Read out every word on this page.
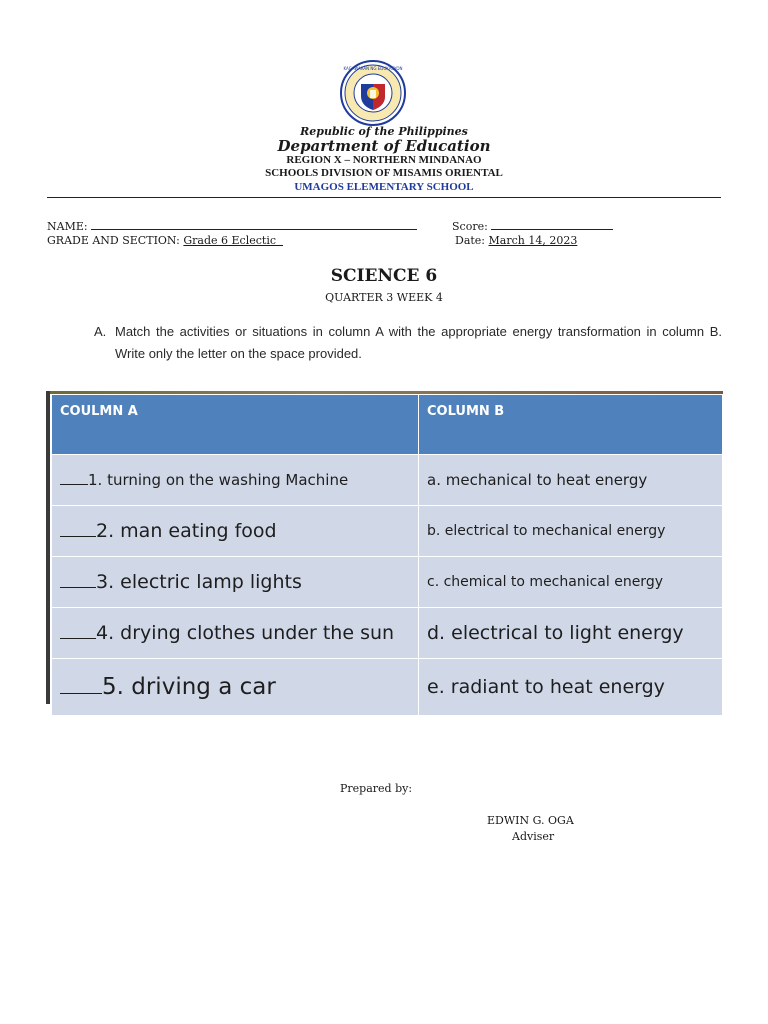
KAGAWARAN NG EDUKASYON
Republic of the Philippines
Department of Education
REGION X – NORTHERN MINDANAO
SCHOOLS DIVISION OF MISAMIS ORIENTAL
UMAGOS ELEMENTARY SCHOOL
NAME:	Score:
GRADE AND SECTION: Grade 6 Eclectic	Date: March 14, 2023
SCIENCE 6
QUARTER 3 WEEK 4
A. Match the activities or situations in column A with the appropriate energy transformation in column B. Write only the letter on the space provided.
COULMN A	COLUMN B
1. turning on the washing Machine	a. mechanical to heat energy
2. man eating food	b. electrical to mechanical energy
3. electric lamp lights	c. chemical to mechanical energy
4. drying clothes under the sun	d. electrical to light energy
5. driving a car	e. radiant to heat energy
Prepared by:
EDWIN G. OGA
Adviser
